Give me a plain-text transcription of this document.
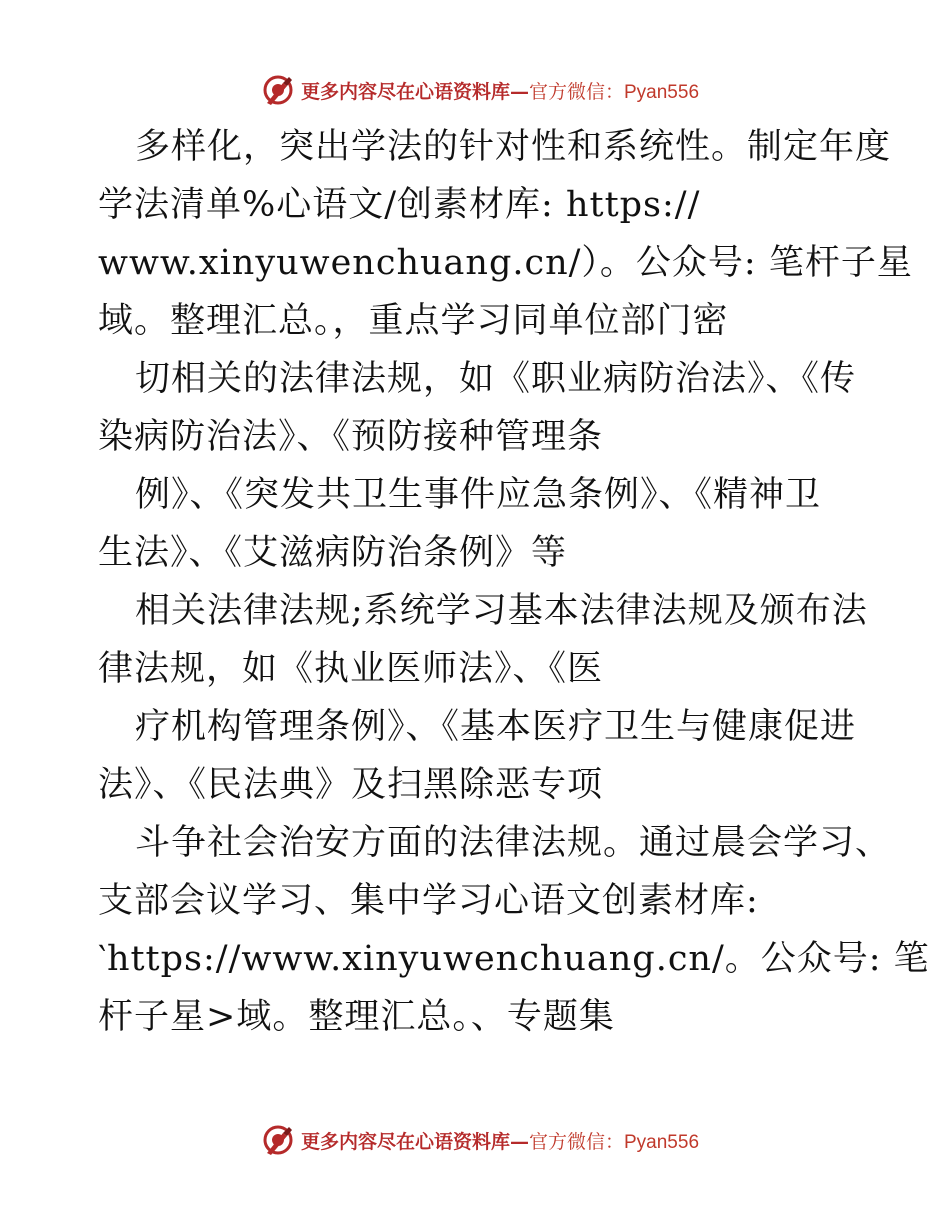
更多内容尽在心语资料库—官方微信：Pyan556
多样化，突出学法的针对性和系统性。制定年度
学法清单%心语文/创素材库: https://
www.xinyuwenchuang.cn/）。公众号: 笔杆子星
域。整理汇总。，重点学习同单位部门密
切相关的法律法规，如《职业病防治法》、《传
染病防治法》、《预防接种管理条
例》、《突发共卫生事件应急条例》、《精神卫
生法》、《艾滋病防治条例》等
相关法律法规;系统学习基本法律法规及颁布法
律法规，如《执业医师法》、《医
疗机构管理条例》、《基本医疗卫生与健康促进
法》、《民法典》及扫黑除恶专项
斗争社会治安方面的法律法规。通过晨会学习、
支部会议学习、集中学习心语文创素材库:
‵https://www.xinyuwenchuang.cn/。公众号: 笔
杆子星>域。整理汇总。、专题集
更多内容尽在心语资料库—官方微信：Pyan556
